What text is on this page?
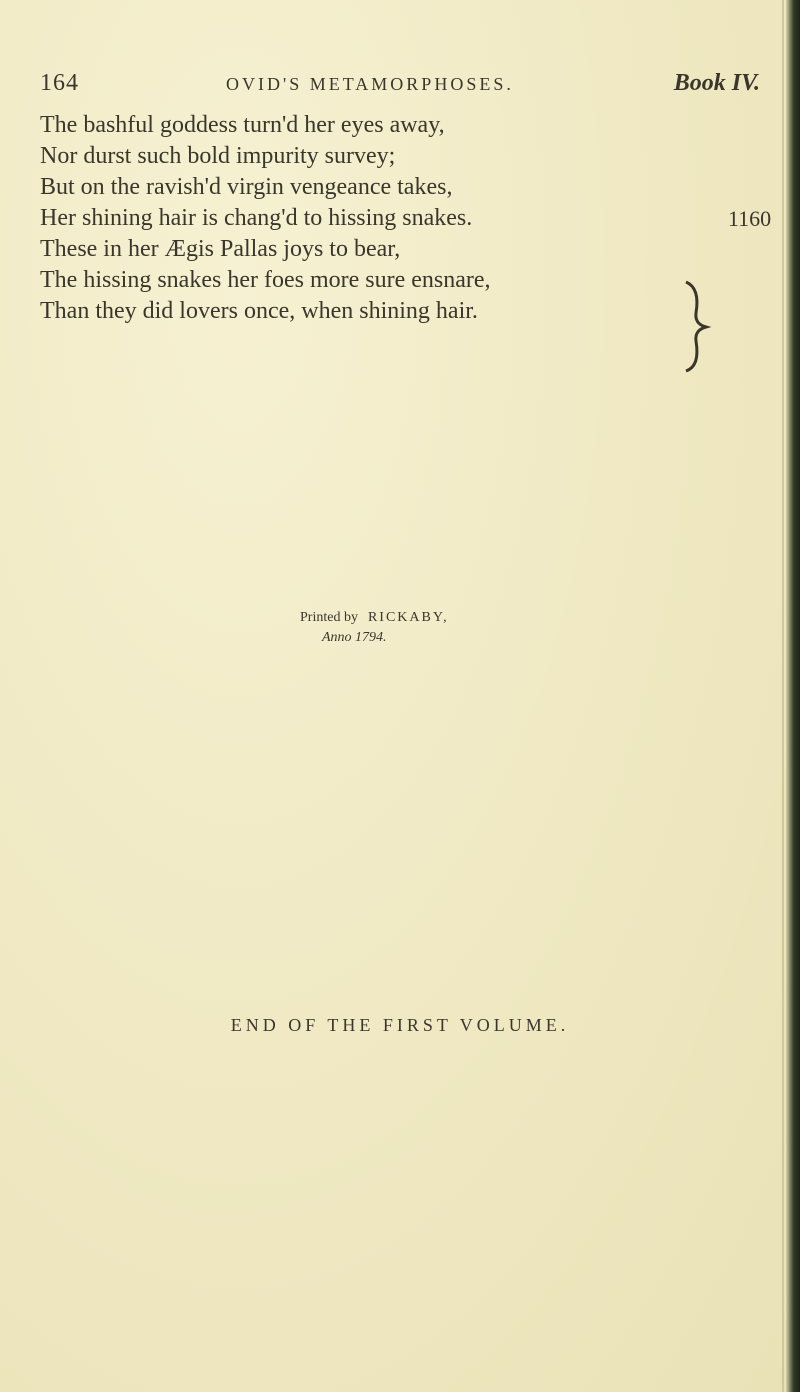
164	OVID'S METAMORPHOSES.	Book IV.
The bashful goddess turn'd her eyes away,
Nor durst such bold impurity survey;
But on the ravish'd virgin vengeance takes,
Her shining hair is chang'd to hissing snakes.	1160
These in her Ægis Pallas joys to bear,
The hissing snakes her foes more sure ensnare,
Than they did lovers once, when shining hair.
Printed by RICKABY,
Anno 1794.
END OF THE FIRST VOLUME.
